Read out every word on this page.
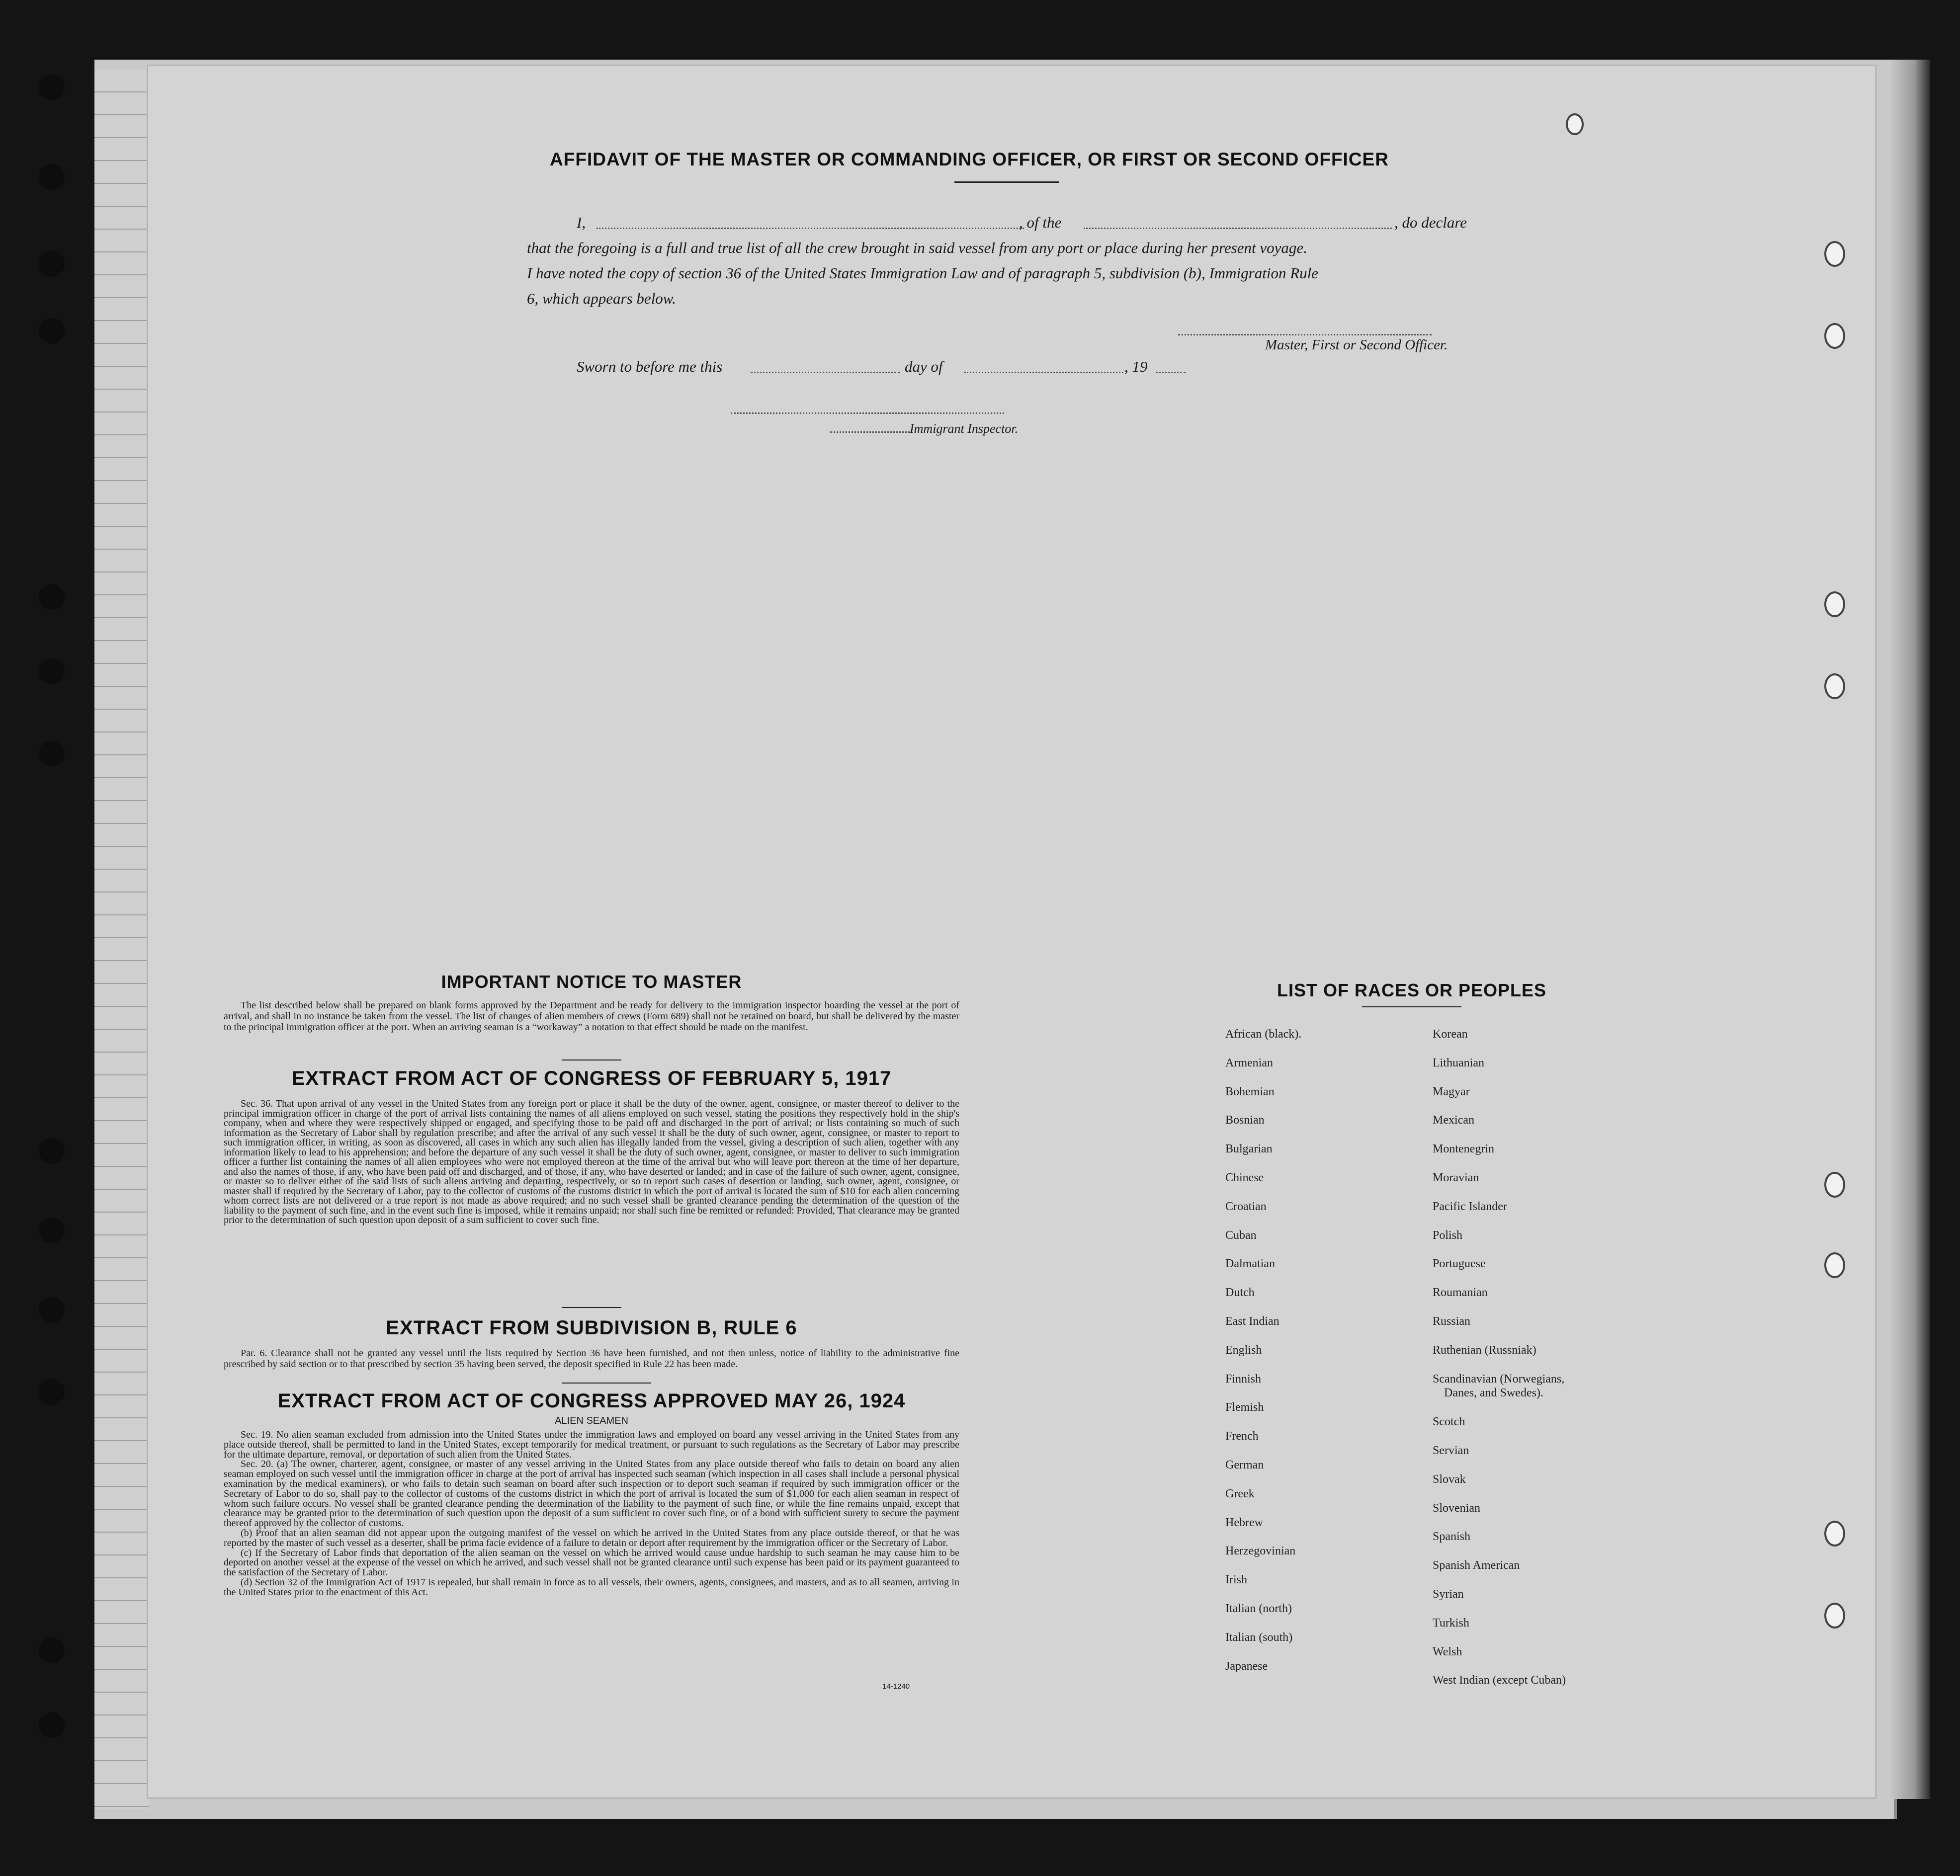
AFFIDAVIT OF THE MASTER OR COMMANDING OFFICER, OR FIRST OR SECOND OFFICER
I,	, of the	, do declare
that the foregoing is a full and true list of all the crew brought in said vessel from any port or place during her present voyage.
I have noted the copy of section 36 of the United States Immigration Law and of paragraph 5, subdivision (b), Immigration Rule
6, which appears below.
Master, First or Second Officer.
Sworn to before me this	day of	, 19
Immigrant Inspector.
IMPORTANT NOTICE TO MASTER

The list described below shall be prepared on blank forms approved by the Department and be ready for delivery to the immigration inspector boarding the vessel at the port of arrival, and shall in no instance be taken from the vessel. The list of changes of alien members of crews (Form 689) shall not be retained on board, but shall be delivered by the master to the principal immigration officer at the port. When an arriving seaman is a “workaway” a notation to that effect should be made on the manifest.

EXTRACT FROM ACT OF CONGRESS OF FEBRUARY 5, 1917

Sec. 36. That upon arrival of any vessel in the United States from any foreign port or place it shall be the duty of the owner, agent, consignee, or master thereof to deliver to the principal immigration officer in charge of the port of arrival lists containing the names of all aliens employed on such vessel, stating the positions they respectively hold in the ship's company, when and where they were respectively shipped or engaged, and specifying those to be paid off and discharged in the port of arrival; or lists containing so much of such information as the Secretary of Labor shall by regulation prescribe; and after the arrival of any such vessel it shall be the duty of such owner, agent, consignee, or master to report to such immigration officer, in writing, as soon as discovered, all cases in which any such alien has illegally landed from the vessel, giving a description of such alien, together with any information likely to lead to his apprehension; and before the departure of any such vessel it shall be the duty of such owner, agent, consignee, or master to deliver to such immigration officer a further list containing the names of all alien employees who were not employed thereon at the time of the arrival but who will leave port thereon at the time of her departure, and also the names of those, if any, who have been paid off and discharged, and of those, if any, who have deserted or landed; and in case of the failure of such owner, agent, consignee, or master so to deliver either of the said lists of such aliens arriving and departing, respectively, or so to report such cases of desertion or landing, such owner, agent, consignee, or master shall if required by the Secretary of Labor, pay to the collector of customs of the customs district in which the port of arrival is located the sum of $10 for each alien concerning whom correct lists are not delivered or a true report is not made as above required; and no such vessel shall be granted clearance pending the determination of the question of the liability to the payment of such fine, and in the event such fine is imposed, while it remains unpaid; nor shall such fine be remitted or refunded: Provided, That clearance may be granted prior to the determination of such question upon deposit of a sum sufficient to cover such fine.

EXTRACT FROM SUBDIVISION B, RULE 6

Par. 6. Clearance shall not be granted any vessel until the lists required by Section 36 have been furnished, and not then unless, notice of liability to the administrative fine prescribed by said section or to that prescribed by section 35 having been served, the deposit specified in Rule 22 has been made.

EXTRACT FROM ACT OF CONGRESS APPROVED MAY 26, 1924
ALIEN SEAMEN

Sec. 19. No alien seaman excluded from admission into the United States under the immigration laws and employed on board any vessel arriving in the United States from any place outside thereof, shall be permitted to land in the United States, except temporarily for medical treatment, or pursuant to such regulations as the Secretary of Labor may prescribe for the ultimate departure, removal, or deportation of such alien from the United States.

Sec. 20. (a) The owner, charterer, agent, consignee, or master of any vessel arriving in the United States from any place outside thereof who fails to detain on board any alien seaman employed on such vessel until the immigration officer in charge at the port of arrival has inspected such seaman (which inspection in all cases shall include a personal physical examination by the medical examiners), or who fails to detain such seaman on board after such inspection or to deport such seaman if required by such immigration officer or the Secretary of Labor to do so, shall pay to the collector of customs of the customs district in which the port of arrival is located the sum of $1,000 for each alien seaman in respect of whom such failure occurs. No vessel shall be granted clearance pending the determination of the liability to the payment of such fine, or while the fine remains unpaid, except that clearance may be granted prior to the determination of such question upon the deposit of a sum sufficient to cover such fine, or of a bond with sufficient surety to secure the payment thereof approved by the collector of customs.

(b) Proof that an alien seaman did not appear upon the outgoing manifest of the vessel on which he arrived in the United States from any place outside thereof, or that he was reported by the master of such vessel as a deserter, shall be prima facie evidence of a failure to detain or deport after requirement by the immigration officer or the Secretary of Labor.

(c) If the Secretary of Labor finds that deportation of the alien seaman on the vessel on which he arrived would cause undue hardship to such seaman he may cause him to be deported on another vessel at the expense of the vessel on which he arrived, and such vessel shall not be granted clearance until such expense has been paid or its payment guaranteed to the satisfaction of the Secretary of Labor.

(d) Section 32 of the Immigration Act of 1917 is repealed, but shall remain in force as to all vessels, their owners, agents, consignees, and masters, and as to all seamen, arriving in the United States prior to the enactment of this Act.

14-1240
LIST OF RACES OR PEOPLES
African (black).
Armenian
Bohemian
Bosnian
Bulgarian
Chinese
Croatian
Cuban
Dalmatian
Dutch
East Indian
English
Finnish
Flemish
French
German
Greek
Hebrew
Herzegovinian
Irish
Italian (north)
Italian (south)
Japanese
Korean
Lithuanian
Magyar
Mexican
Montenegrin
Moravian
Pacific Islander
Polish
Portuguese
Roumanian
Russian
Ruthenian (Russniak)
Scandinavian (Norwegians,
Danes, and Swedes).
Scotch
Servian
Slovak
Slovenian
Spanish
Spanish American
Syrian
Turkish
Welsh
West Indian (except Cuban)
